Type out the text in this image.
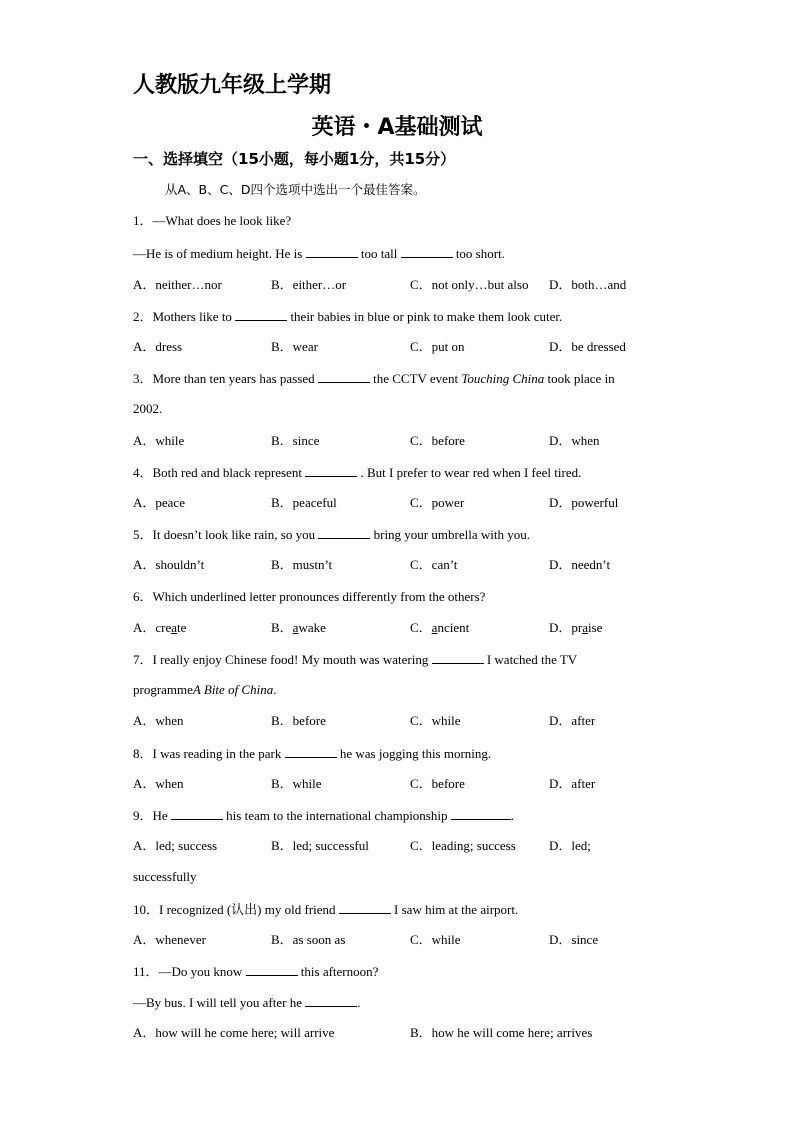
人教版九年级上学期
英语・A基础测试
一、选择填空（15小题，每小题1分，共15分）
从A、B、C、D四个选项中选出一个最佳答案。
1．—What does he look like?
—He is of medium height. He is	too tall	too short.
A．neither…nor	B．either…or	C．not only…but also D．both…and
2．Mothers like to	their babies in blue or pink to make them look cuter.
A．dress	B．wear	C．put on	D．be dressed
3．More than ten years has passed	the CCTV event Touching China took place in
2002.
A．while	B．since	C．before	D．when
4．Both red and black represent	. But I prefer to wear red when I feel tired.
A．peace	B．peaceful	C．power	D．powerful
5．It doesn’t look like rain, so you	bring your umbrella with you.
A．shouldn’t	B．mustn’t	C．can’t	D．needn’t
6．Which underlined letter pronounces differently from the others?
A．create	B．awake	C．ancient	D．praise
7．I really enjoy Chinese food! My mouth was watering	I watched the TV
programmeA Bite of China.
A．when	B．before	C．while	D．after
8．I was reading in the park	he was jogging this morning.
A．when	B．while	C．before	D．after
9．He	his team to the international championship	.
A．led; success	B．led; successful	C．leading; success	D．led;
successfully
10．I recognized (认出) my old friend	I saw him at the airport.
A．whenever	B．as soon as	C．while	D．since
11．—Do you know	this afternoon?
—By bus. I will tell you after he	.
A．how will he come here; will arrive	B．how he will come here; arrives
